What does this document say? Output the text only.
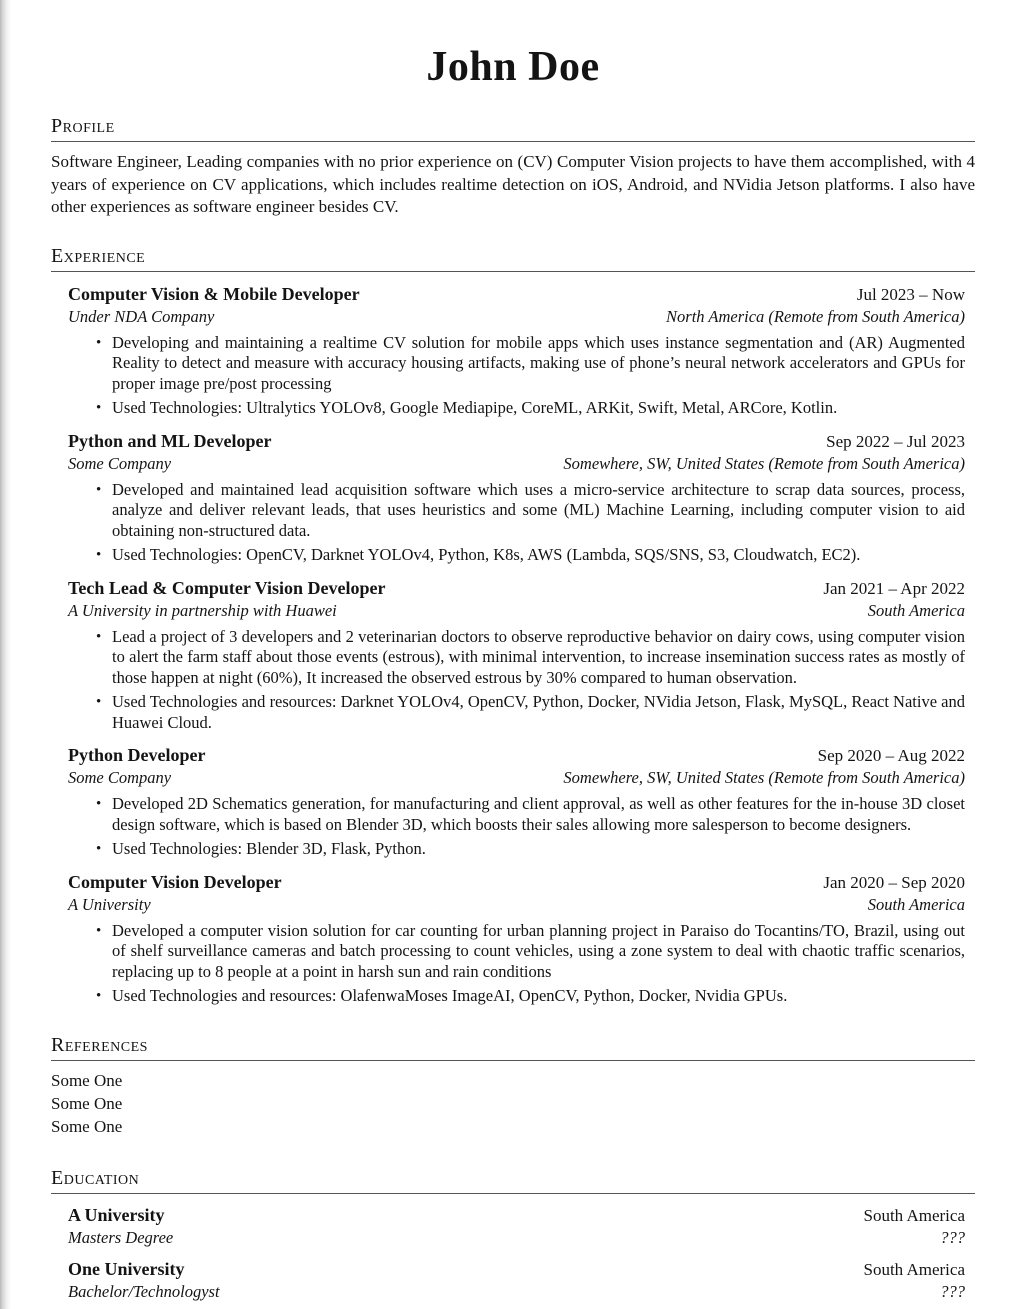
John Doe
Profile

Software Engineer, Leading companies with no prior experience on (CV) Computer Vision projects to have them accomplished, with 4 years of experience on CV applications, which includes realtime detection on iOS, Android, and NVidia Jetson platforms. I also have other experiences as software engineer besides CV.

Experience
Computer Vision & Mobile Developer	Jul 2023 – Now
Under NDA Company	North America (Remote from South America)
• Developing and maintaining a realtime CV solution for mobile apps which uses instance segmentation and (AR) Augmented Reality to detect and measure with accuracy housing artifacts, making use of phone’s neural network accelerators and GPUs for proper image pre/post processing
• Used Technologies: Ultralytics YOLOv8, Google Mediapipe, CoreML, ARKit, Swift, Metal, ARCore, Kotlin.
Python and ML Developer	Sep 2022 – Jul 2023
Some Company	Somewhere, SW, United States (Remote from South America)
• Developed and maintained lead acquisition software which uses a micro-service architecture to scrap data sources, process, analyze and deliver relevant leads, that uses heuristics and some (ML) Machine Learning, including computer vision to aid obtaining non-structured data.
• Used Technologies: OpenCV, Darknet YOLOv4, Python, K8s, AWS (Lambda, SQS/SNS, S3, Cloudwatch, EC2).
Tech Lead & Computer Vision Developer	Jan 2021 – Apr 2022
A University in partnership with Huawei	South America
• Lead a project of 3 developers and 2 veterinarian doctors to observe reproductive behavior on dairy cows, using computer vision to alert the farm staff about those events (estrous), with minimal intervention, to increase insemination success rates as mostly of those happen at night (60%), It increased the observed estrous by 30% compared to human observation.
• Used Technologies and resources: Darknet YOLOv4, OpenCV, Python, Docker, NVidia Jetson, Flask, MySQL, React Native and Huawei Cloud.
Python Developer	Sep 2020 – Aug 2022
Some Company	Somewhere, SW, United States (Remote from South America)
• Developed 2D Schematics generation, for manufacturing and client approval, as well as other features for the in-house 3D closet design software, which is based on Blender 3D, which boosts their sales allowing more salesperson to become designers.
• Used Technologies: Blender 3D, Flask, Python.
Computer Vision Developer	Jan 2020 – Sep 2020
A University	South America
• Developed a computer vision solution for car counting for urban planning project in Paraiso do Tocantins/TO, Brazil, using out of shelf surveillance cameras and batch processing to count vehicles, using a zone system to deal with chaotic traffic scenarios, replacing up to 8 people at a point in harsh sun and rain conditions
• Used Technologies and resources: OlafenwaMoses ImageAI, OpenCV, Python, Docker, Nvidia GPUs.
References
Some One
Some One
Some One
Education
A University	South America
Masters Degree	???
One University	South America
Bachelor/Technologyst	???
